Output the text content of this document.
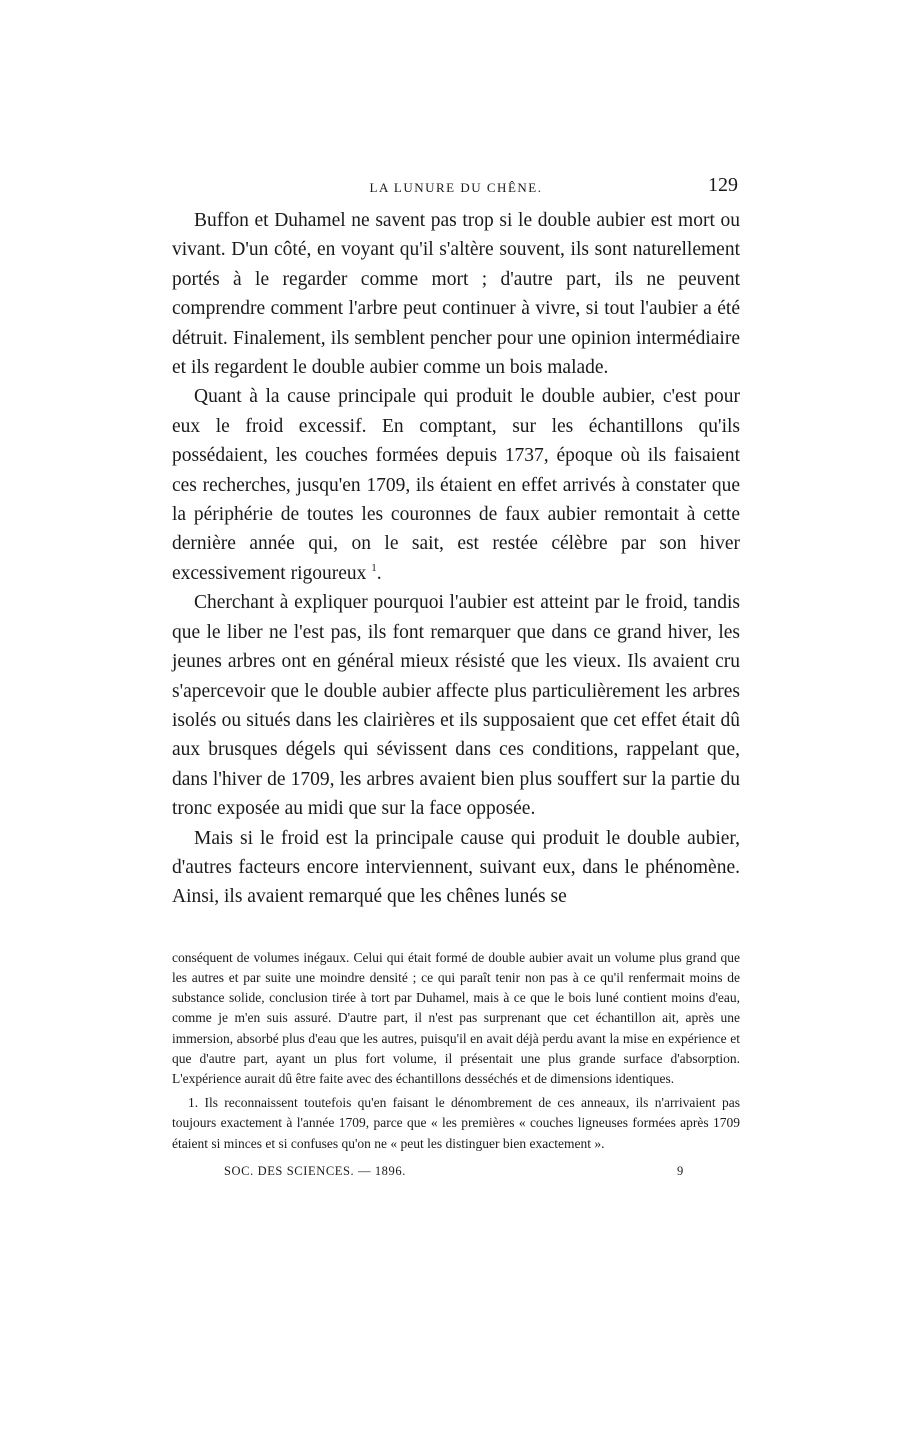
LA LUNURE DU CHÊNE.	129

Buffon et Duhamel ne savent pas trop si le double aubier est mort ou vivant. D'un côté, en voyant qu'il s'altère souvent, ils sont naturellement portés à le regarder comme mort ; d'autre part, ils ne peuvent comprendre comment l'arbre peut continuer à vivre, si tout l'aubier a été détruit. Finalement, ils semblent pencher pour une opinion intermédiaire et ils regardent le double aubier comme un bois malade.

Quant à la cause principale qui produit le double aubier, c'est pour eux le froid excessif. En comptant, sur les échantillons qu'ils possédaient, les couches formées depuis 1737, époque où ils faisaient ces recherches, jusqu'en 1709, ils étaient en effet arrivés à constater que la périphérie de toutes les couronnes de faux aubier remontait à cette dernière année qui, on le sait, est restée célèbre par son hiver excessivement rigoureux $^1$.

Cherchant à expliquer pourquoi l'aubier est atteint par le froid, tandis que le liber ne l'est pas, ils font remarquer que dans ce grand hiver, les jeunes arbres ont en général mieux résisté que les vieux. Ils avaient cru s'apercevoir que le double aubier affecte plus particulièrement les arbres isolés ou situés dans les clairières et ils supposaient que cet effet était dû aux brusques dégels qui sévissent dans ces conditions, rappelant que, dans l'hiver de 1709, les arbres avaient bien plus souffert sur la partie du tronc exposée au midi que sur la face opposée.

Mais si le froid est la principale cause qui produit le double aubier, d'autres facteurs encore interviennent, suivant eux, dans le phénomène. Ainsi, ils avaient remarqué que les chênes lunés se

conséquent de volumes inégaux. Celui qui était formé de double aubier avait un volume plus grand que les autres et par suite une moindre densité ; ce qui paraît tenir non pas à ce qu'il renfermait moins de substance solide, conclusion tirée à tort par Duhamel, mais à ce que le bois luné contient moins d'eau, comme je m'en suis assuré. D'autre part, il n'est pas surprenant que cet échantillon ait, après une immersion, absorbé plus d'eau que les autres, puisqu'il en avait déjà perdu avant la mise en expérience et que d'autre part, ayant un plus fort volume, il présentait une plus grande surface d'absorption. L'expérience aurait dû être faite avec des échantillons desséchés et de dimensions identiques.

1. Ils reconnaissent toutefois qu'en faisant le dénombrement de ces anneaux, ils n'arrivaient pas toujours exactement à l'année 1709, parce que « les premières « couches ligneuses formées après 1709 étaient si minces et si confuses qu'on ne « peut les distinguer bien exactement ».

SOC. DES SCIENCES. — 1896.	9
